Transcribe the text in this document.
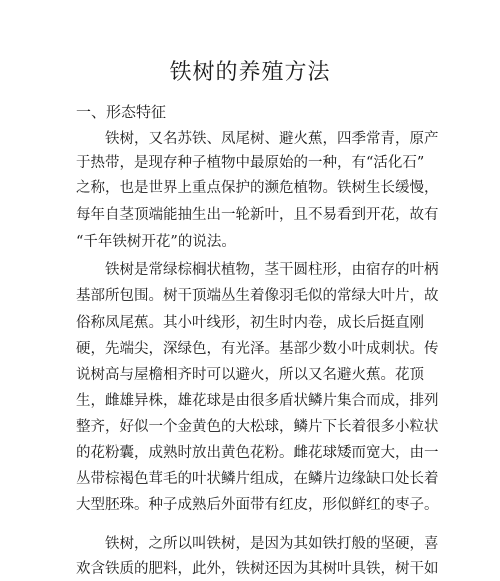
铁树的养殖方法
一、形态特征

　　铁树，又名苏铁、凤尾树、避火蕉，四季常青，原产

于热带，是现存种子植物中最原始的一种，有“活化石”

之称，也是世界上重点保护的濒危植物。铁树生长缓慢，

每年自茎顶端能抽生出一轮新叶，且不易看到开花，故有

“千年铁树开花”的说法。

　　铁树是常绿棕榈状植物，茎干圆柱形，由宿存的叶柄

基部所包围。树干顶端丛生着像羽毛似的常绿大叶片，故

俗称凤尾蕉。其小叶线形，初生时内卷，成长后挺直刚

硬，先端尖，深绿色，有光泽。基部少数小叶成刺状。传

说树高与屋檐相齐时可以避火，所以又名避火蕉。花顶

生，雌雄异株，雄花球是由很多盾状鳞片集合而成，排列

整齐，好似一个金黄色的大松球，鳞片下长着很多小粒状

的花粉囊，成熟时放出黄色花粉。雌花球矮而宽大，由一

丛带棕褐色茸毛的叶状鳞片组成，在鳞片边缘缺口处长着

大型胚珠。种子成熟后外面带有红皮，形似鲜红的枣子。

　　铁树，之所以叫铁树，是因为其如铁打般的坚硬，喜

欢含铁质的肥料，此外，铁树还因为其树叶具铁，树干如
